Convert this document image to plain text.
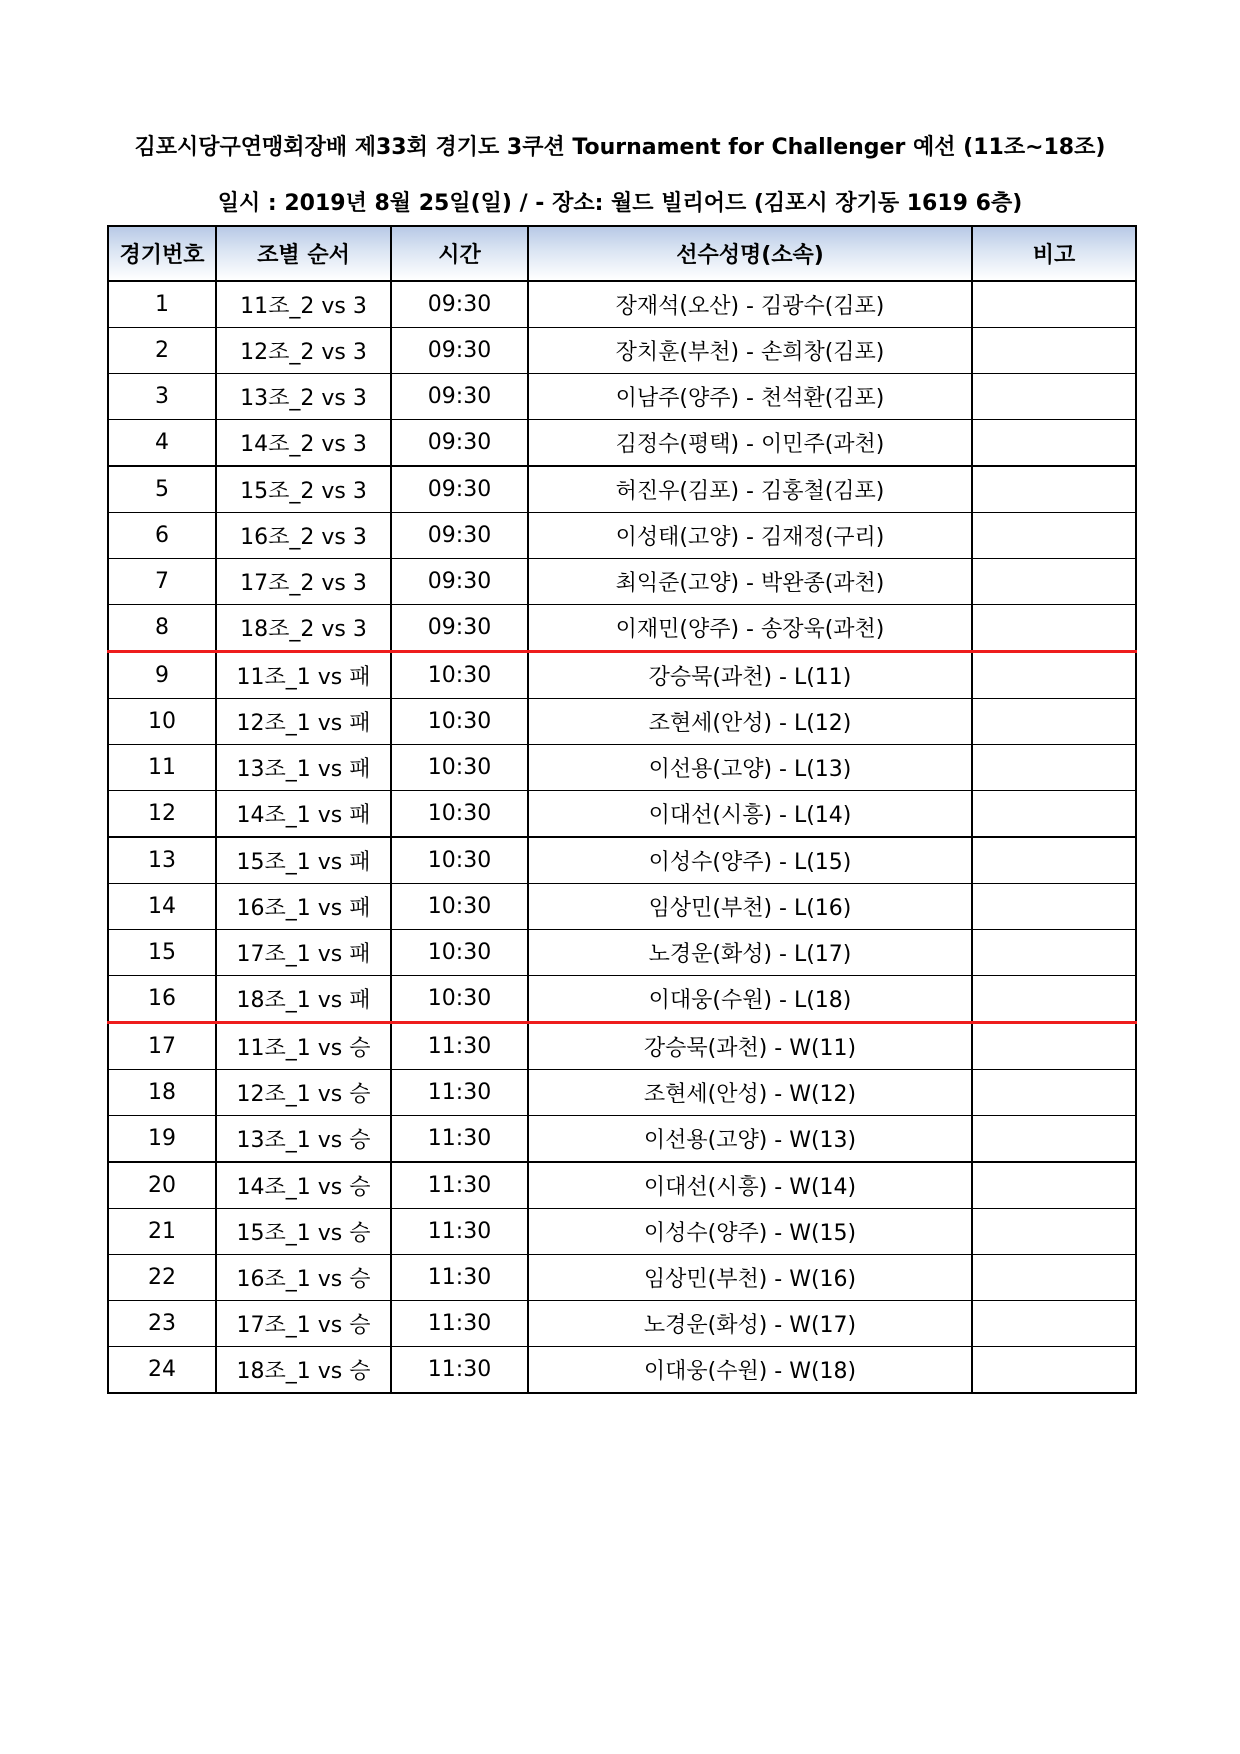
김포시당구연맹회장배 제33회 경기도 3쿠션 Tournament for Challenger 예선 (11조~18조)
일시 : 2019년 8월 25일(일) / - 장소: 월드 빌리어드 (김포시 장기동 1619 6층)
경기번호	조별 순서	시간	선수성명(소속)	비고
1	11조_2 vs 3	09:30	장재석(오산) - 김광수(김포)	
2	12조_2 vs 3	09:30	장치훈(부천) - 손희창(김포)	
3	13조_2 vs 3	09:30	이남주(양주) - 천석환(김포)	
4	14조_2 vs 3	09:30	김정수(평택) - 이민주(과천)	
5	15조_2 vs 3	09:30	허진우(김포) - 김홍철(김포)	
6	16조_2 vs 3	09:30	이성태(고양) - 김재정(구리)	
7	17조_2 vs 3	09:30	최익준(고양) - 박완종(과천)	
8	18조_2 vs 3	09:30	이재민(양주) - 송장욱(과천)	
9	11조_1 vs 패	10:30	강승묵(과천) - L(11)	
10	12조_1 vs 패	10:30	조현세(안성) - L(12)	
11	13조_1 vs 패	10:30	이선용(고양) - L(13)	
12	14조_1 vs 패	10:30	이대선(시흥) - L(14)	
13	15조_1 vs 패	10:30	이성수(양주) - L(15)	
14	16조_1 vs 패	10:30	임상민(부천) - L(16)	
15	17조_1 vs 패	10:30	노경운(화성) - L(17)	
16	18조_1 vs 패	10:30	이대웅(수원) - L(18)	
17	11조_1 vs 승	11:30	강승묵(과천) - W(11)	
18	12조_1 vs 승	11:30	조현세(안성) - W(12)	
19	13조_1 vs 승	11:30	이선용(고양) - W(13)	
20	14조_1 vs 승	11:30	이대선(시흥) - W(14)	
21	15조_1 vs 승	11:30	이성수(양주) - W(15)	
22	16조_1 vs 승	11:30	임상민(부천) - W(16)	
23	17조_1 vs 승	11:30	노경운(화성) - W(17)	
24	18조_1 vs 승	11:30	이대웅(수원) - W(18)	
